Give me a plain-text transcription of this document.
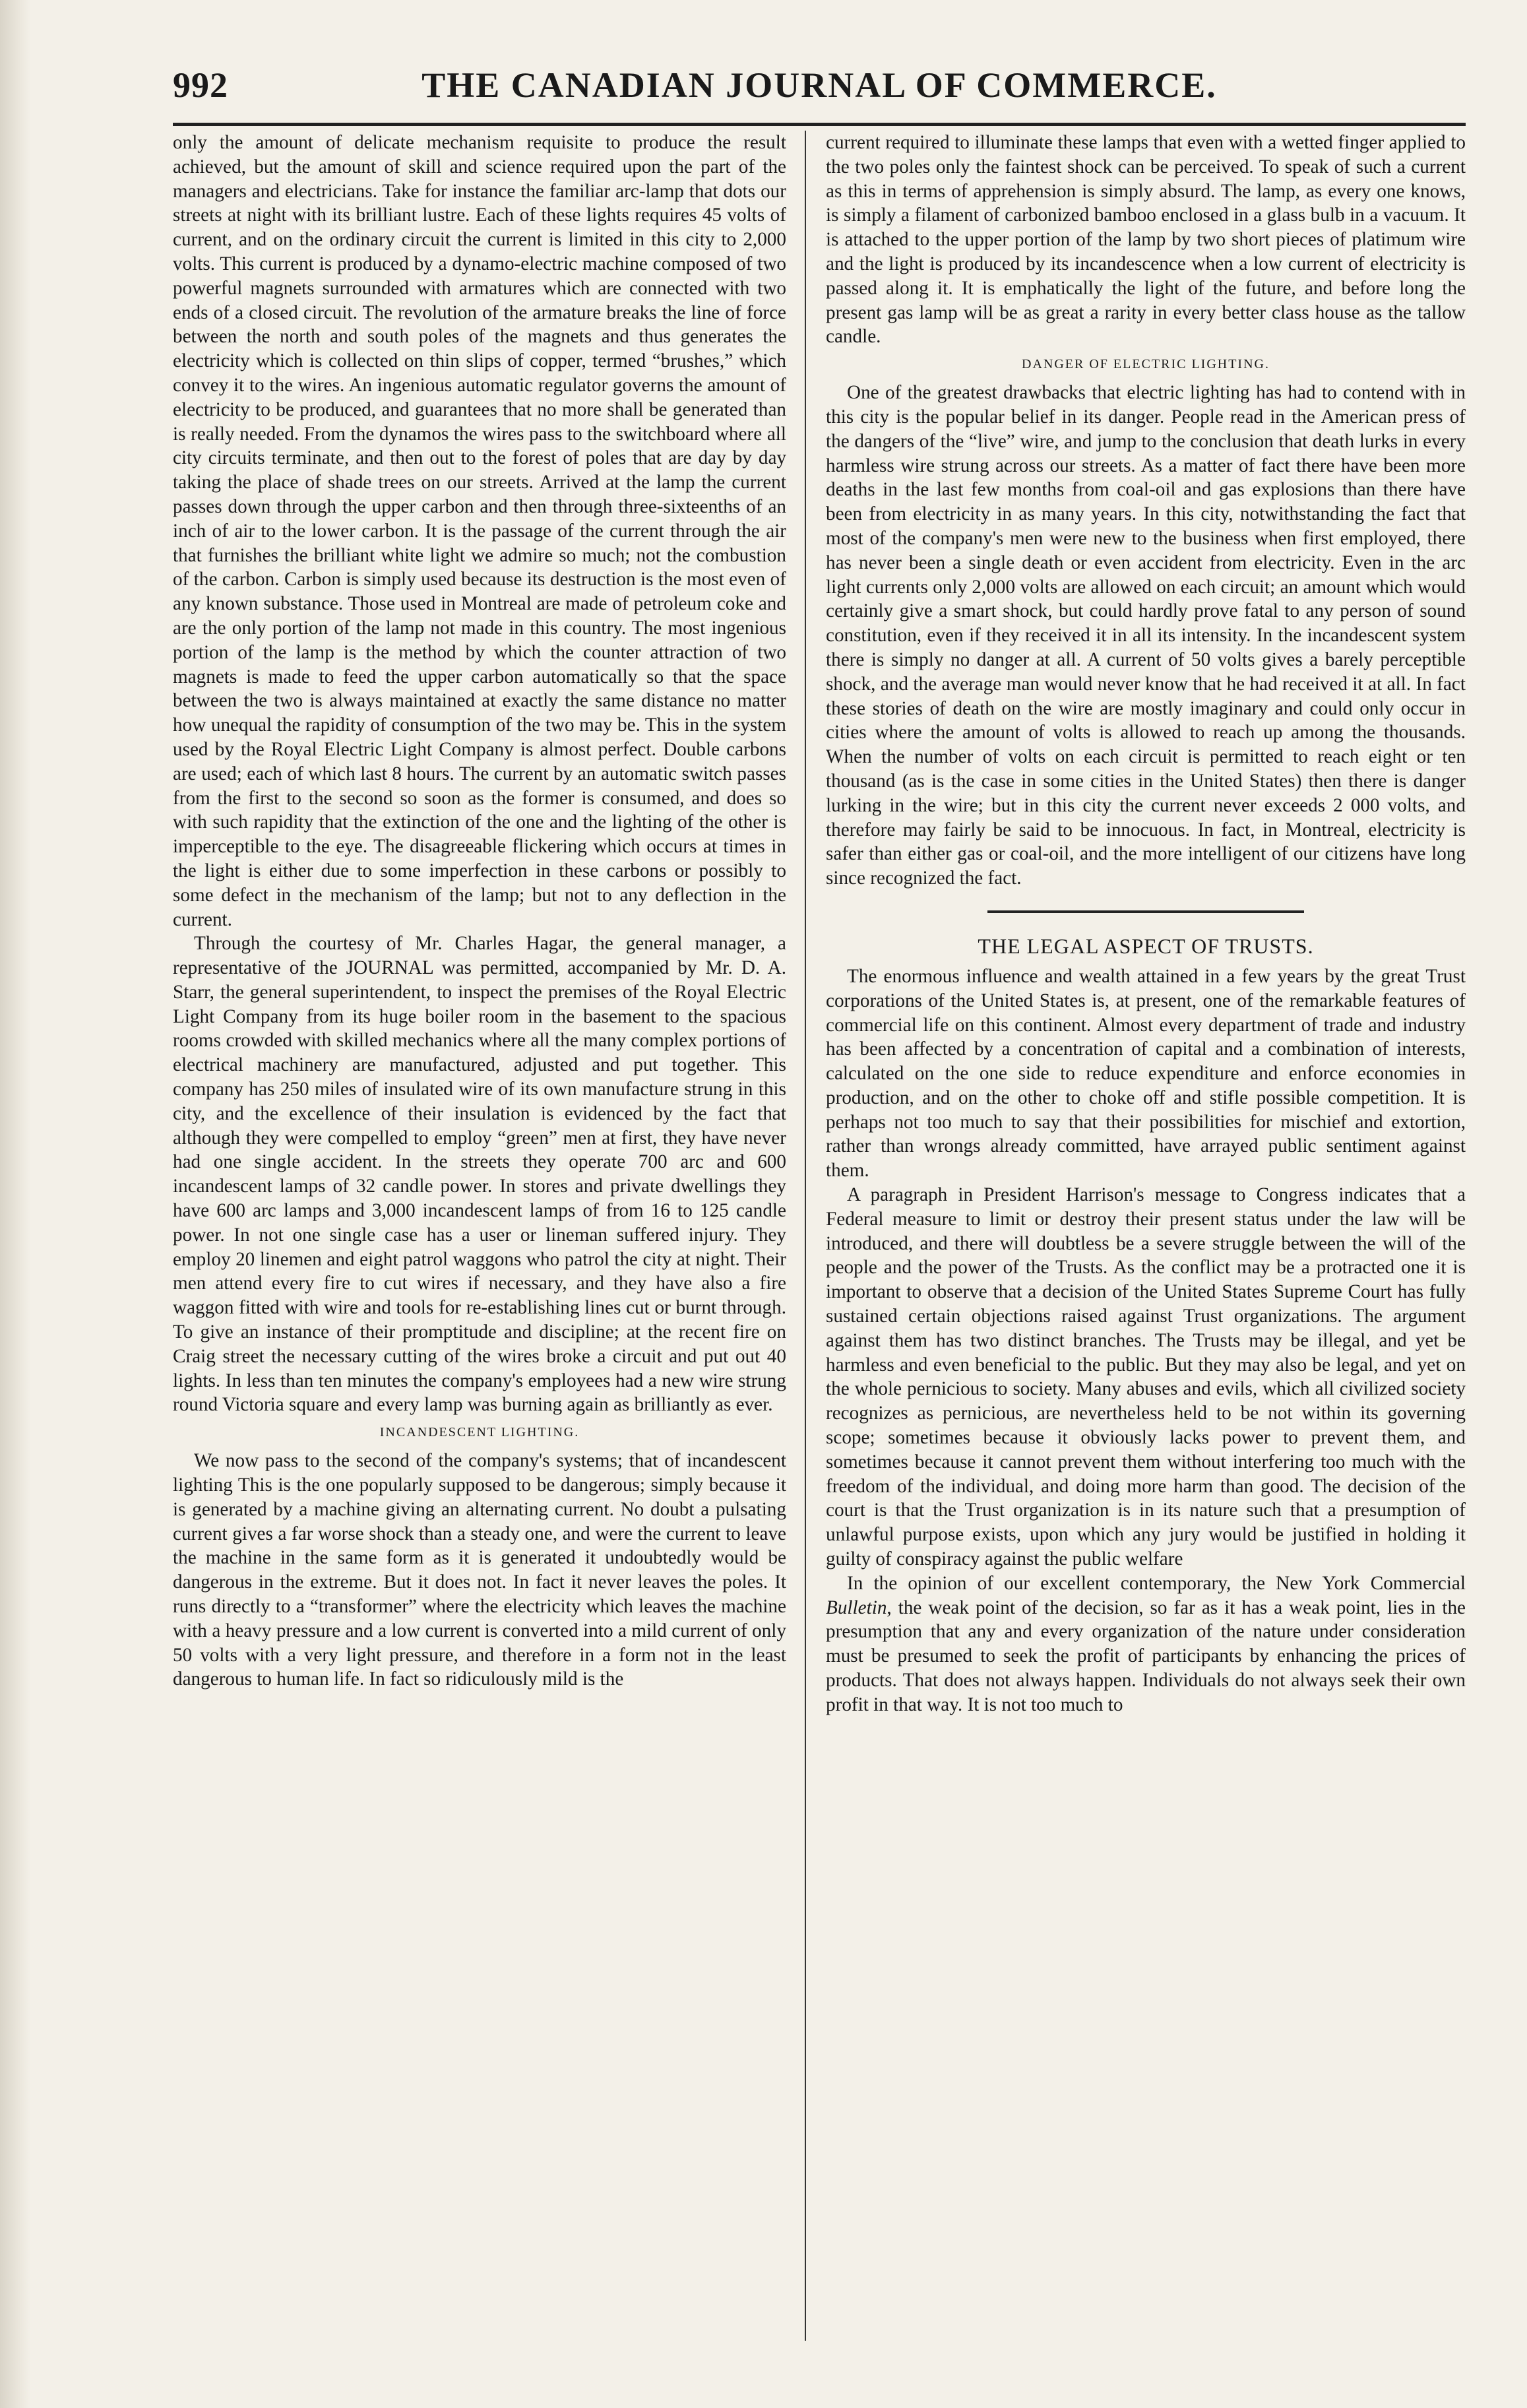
992	THE CANADIAN JOURNAL OF COMMERCE.

only the amount of delicate mechanism requisite to produce the result achieved, but the amount of skill and science required upon the part of the managers and electricians. Take for instance the familiar arc-lamp that dots our streets at night with its brilliant lustre. Each of these lights requires 45 volts of current, and on the ordinary circuit the current is limited in this city to 2,000 volts. This current is produced by a dynamo-electric machine composed of two powerful magnets surrounded with armatures which are connected with two ends of a closed circuit. The revolution of the armature breaks the line of force between the north and south poles of the magnets and thus generates the electricity which is collected on thin slips of copper, termed “brushes,” which convey it to the wires. An ingenious automatic regulator governs the amount of electricity to be produced, and guarantees that no more shall be generated than is really needed. From the dynamos the wires pass to the switchboard where all city circuits terminate, and then out to the forest of poles that are day by day taking the place of shade trees on our streets. Arrived at the lamp the current passes down through the upper carbon and then through three-sixteenths of an inch of air to the lower carbon. It is the passage of the current through the air that furnishes the brilliant white light we admire so much; not the combustion of the carbon. Carbon is simply used because its destruction is the most even of any known substance. Those used in Montreal are made of petroleum coke and are the only portion of the lamp not made in this country. The most ingenious portion of the lamp is the method by which the counter attraction of two magnets is made to feed the upper carbon automatically so that the space between the two is always maintained at exactly the same distance no matter how unequal the rapidity of consumption of the two may be. This in the system used by the Royal Electric Light Company is almost perfect. Double carbons are used; each of which last 8 hours. The current by an automatic switch passes from the first to the second so soon as the former is consumed, and does so with such rapidity that the extinction of the one and the lighting of the other is imperceptible to the eye. The disagreeable flickering which occurs at times in the light is either due to some imperfection in these carbons or possibly to some defect in the mechanism of the lamp; but not to any deflection in the current.

Through the courtesy of Mr. Charles Hagar, the general manager, a representative of the JOURNAL was permitted, accompanied by Mr. D. A. Starr, the general superintendent, to inspect the premises of the Royal Electric Light Company from its huge boiler room in the basement to the spacious rooms crowded with skilled mechanics where all the many complex portions of electrical machinery are manufactured, adjusted and put together. This company has 250 miles of insulated wire of its own manufacture strung in this city, and the excellence of their insulation is evidenced by the fact that although they were compelled to employ “green” men at first, they have never had one single accident. In the streets they operate 700 arc and 600 incandescent lamps of 32 candle power. In stores and private dwellings they have 600 arc lamps and 3,000 incandescent lamps of from 16 to 125 candle power. In not one single case has a user or lineman suffered injury. They employ 20 linemen and eight patrol waggons who patrol the city at night. Their men attend every fire to cut wires if necessary, and they have also a fire waggon fitted with wire and tools for re-establishing lines cut or burnt through. To give an instance of their promptitude and discipline; at the recent fire on Craig street the necessary cutting of the wires broke a circuit and put out 40 lights. In less than ten minutes the company's employees had a new wire strung round Victoria square and every lamp was burning again as brilliantly as ever.

INCANDESCENT LIGHTING.

We now pass to the second of the company's systems; that of incandescent lighting This is the one popularly supposed to be dangerous; simply because it is generated by a machine giving an alternating current. No doubt a pulsating current gives a far worse shock than a steady one, and were the current to leave the machine in the same form as it is generated it undoubtedly would be dangerous in the extreme. But it does not. In fact it never leaves the poles. It runs directly to a “transformer” where the electricity which leaves the machine with a heavy pressure and a low current is converted into a mild current of only 50 volts with a very light pressure, and therefore in a form not in the least dangerous to human life. In fact so ridiculously mild is the

current required to illuminate these lamps that even with a wetted finger applied to the two poles only the faintest shock can be perceived. To speak of such a current as this in terms of apprehension is simply absurd. The lamp, as every one knows, is simply a filament of carbonized bamboo enclosed in a glass bulb in a vacuum. It is attached to the upper portion of the lamp by two short pieces of platimum wire and the light is produced by its incandescence when a low current of electricity is passed along it. It is emphatically the light of the future, and before long the present gas lamp will be as great a rarity in every better class house as the tallow candle.

DANGER OF ELECTRIC LIGHTING.

One of the greatest drawbacks that electric lighting has had to contend with in this city is the popular belief in its danger. People read in the American press of the dangers of the “live” wire, and jump to the conclusion that death lurks in every harmless wire strung across our streets. As a matter of fact there have been more deaths in the last few months from coal-oil and gas explosions than there have been from electricity in as many years. In this city, notwithstanding the fact that most of the company's men were new to the business when first employed, there has never been a single death or even accident from electricity. Even in the arc light currents only 2,000 volts are allowed on each circuit; an amount which would certainly give a smart shock, but could hardly prove fatal to any person of sound constitution, even if they received it in all its intensity. In the incandescent system there is simply no danger at all. A current of 50 volts gives a barely perceptible shock, and the average man would never know that he had received it at all. In fact these stories of death on the wire are mostly imaginary and could only occur in cities where the amount of volts is allowed to reach up among the thousands. When the number of volts on each circuit is permitted to reach eight or ten thousand (as is the case in some cities in the United States) then there is danger lurking in the wire; but in this city the current never exceeds 2 000 volts, and therefore may fairly be said to be innocuous. In fact, in Montreal, electricity is safer than either gas or coal-oil, and the more intelligent of our citizens have long since recognized the fact.

THE LEGAL ASPECT OF TRUSTS.

The enormous influence and wealth attained in a few years by the great Trust corporations of the United States is, at present, one of the remarkable features of commercial life on this continent. Almost every department of trade and industry has been affected by a concentration of capital and a combination of interests, calculated on the one side to reduce expenditure and enforce economies in production, and on the other to choke off and stifle possible competition. It is perhaps not too much to say that their possibilities for mischief and extortion, rather than wrongs already committed, have arrayed public sentiment against them.

A paragraph in President Harrison's message to Congress indicates that a Federal measure to limit or destroy their present status under the law will be introduced, and there will doubtless be a severe struggle between the will of the people and the power of the Trusts. As the conflict may be a protracted one it is important to observe that a decision of the United States Supreme Court has fully sustained certain objections raised against Trust organizations. The argument against them has two distinct branches. The Trusts may be illegal, and yet be harmless and even beneficial to the public. But they may also be legal, and yet on the whole pernicious to society. Many abuses and evils, which all civilized society recognizes as pernicious, are nevertheless held to be not within its governing scope; sometimes because it obviously lacks power to prevent them, and sometimes because it cannot prevent them without interfering too much with the freedom of the individual, and doing more harm than good. The decision of the court is that the Trust organization is in its nature such that a presumption of unlawful purpose exists, upon which any jury would be justified in holding it guilty of conspiracy against the public welfare

In the opinion of our excellent contemporary, the New York Commercial Bulletin, the weak point of the decision, so far as it has a weak point, lies in the presumption that any and every organization of the nature under consideration must be presumed to seek the profit of participants by enhancing the prices of products. That does not always happen. Individuals do not always seek their own profit in that way. It is not too much to
